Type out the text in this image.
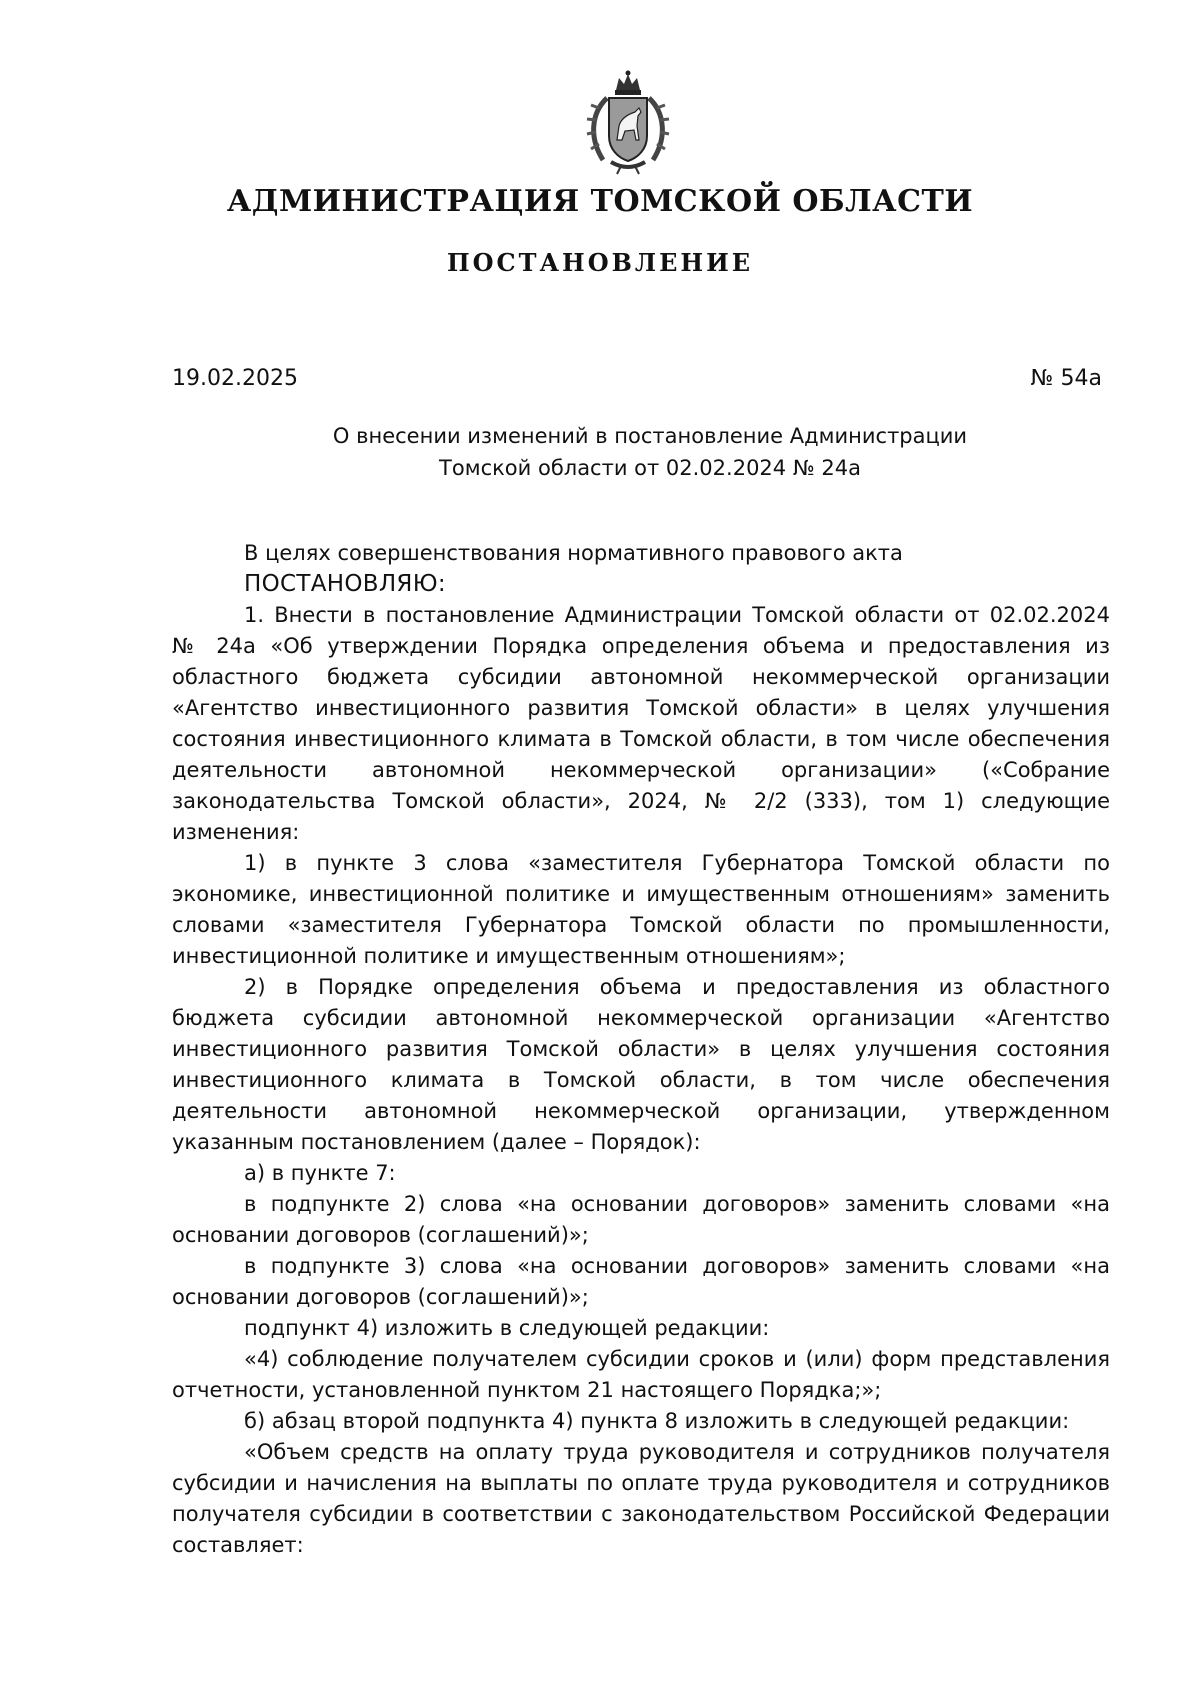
АДМИНИСТРАЦИЯ ТОМСКОЙ ОБЛАСТИ
ПОСТАНОВЛЕНИЕ
19.02.2025	№ 54а
О внесении изменений в постановление Администрации
Томской области от 02.02.2024 № 24а

В целях совершенствования нормативного правового акта

ПОСТАНОВЛЯЮ:

1. Внести в постановление Администрации Томской области от 02.02.2024 № 24а «Об утверждении Порядка определения объема и предоставления из областного бюджета субсидии автономной некоммерческой организации «Агентство инвестиционного развития Томской области» в целях улучшения состояния инвестиционного климата в Томской области, в том числе обеспечения деятельности автономной некоммерческой организации» («Собрание законодательства Томской области», 2024, № 2/2 (333), том 1) следующие изменения:

1) в пункте 3 слова «заместителя Губернатора Томской области по экономике, инвестиционной политике и имущественным отношениям» заменить словами «заместителя Губернатора Томской области по промышленности, инвестиционной политике и имущественным отношениям»;

2) в Порядке определения объема и предоставления из областного бюджета субсидии автономной некоммерческой организации «Агентство инвестиционного развития Томской области» в целях улучшения состояния инвестиционного климата в Томской области, в том числе обеспечения деятельности автономной некоммерческой организации, утвержденном указанным постановлением (далее – Порядок):

а) в пункте 7:

в подпункте 2) слова «на основании договоров» заменить словами «на основании договоров (соглашений)»;

в подпункте 3) слова «на основании договоров» заменить словами «на основании договоров (соглашений)»;

подпункт 4) изложить в следующей редакции:

«4) соблюдение получателем субсидии сроков и (или) форм представления отчетности, установленной пунктом 21 настоящего Порядка;»;

б) абзац второй подпункта 4) пункта 8 изложить в следующей редакции:

«Объем средств на оплату труда руководителя и сотрудников получателя субсидии и начисления на выплаты по оплате труда руководителя и сотрудников получателя субсидии в соответствии с законодательством Российской Федерации составляет:
